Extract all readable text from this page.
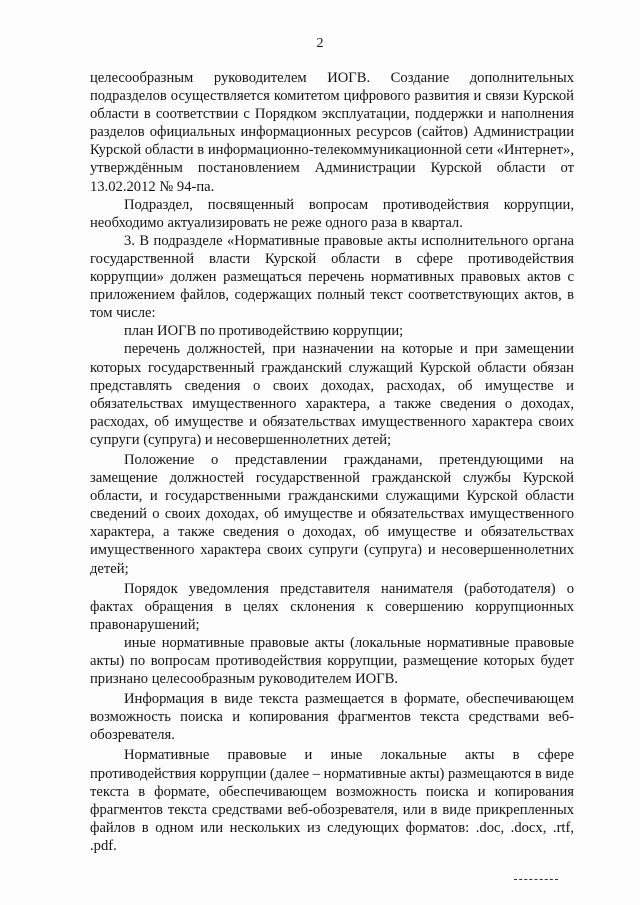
2

целесообразным руководителем ИОГВ. Создание дополнительных подразделов осуществляется комитетом цифрового развития и связи Курской области в соответствии с Порядком эксплуатации, поддержки и наполнения разделов официальных информационных ресурсов (сайтов) Администрации Курской области в информационно-телекоммуникационной сети «Интернет», утверждённым постановлением Администрации Курской области от 13.02.2012 № 94-па.

Подраздел, посвященный вопросам противодействия коррупции, необходимо актуализировать не реже одного раза в квартал.

3. В подразделе «Нормативные правовые акты исполнительного органа государственной власти Курской области в сфере противодействия коррупции» должен размещаться перечень нормативных правовых актов с приложением файлов, содержащих полный текст соответствующих актов, в том числе:

план ИОГВ по противодействию коррупции;

перечень должностей, при назначении на которые и при замещении которых государственный гражданский служащий Курской области обязан представлять сведения о своих доходах, расходах, об имуществе и обязательствах имущественного характера, а также сведения о доходах, расходах, об имуществе и обязательствах имущественного характера своих супруги (супруга) и несовершеннолетних детей;

Положение о представлении гражданами, претендующими на замещение должностей государственной гражданской службы Курской области, и государственными гражданскими служащими Курской области сведений о своих доходах, об имуществе и обязательствах имущественного характера, а также сведения о доходах, об имуществе и обязательствах имущественного характера своих супруги (супруга) и несовершеннолетних детей;

Порядок уведомления представителя нанимателя (работодателя) о фактах обращения в целях склонения к совершению коррупционных правонарушений;

иные нормативные правовые акты (локальные нормативные правовые акты) по вопросам противодействия коррупции, размещение которых будет признано целесообразным руководителем ИОГВ.

Информация в виде текста размещается в формате, обеспечивающем возможность поиска и копирования фрагментов текста средствами веб-обозревателя.

Нормативные правовые и иные локальные акты в сфере противодействия коррупции (далее – нормативные акты) размещаются в виде текста в формате, обеспечивающем возможность поиска и копирования фрагментов текста средствами веб-обозревателя, или в виде прикрепленных файлов в одном или нескольких из следующих форматов: .doc, .docx, .rtf, .pdf.
